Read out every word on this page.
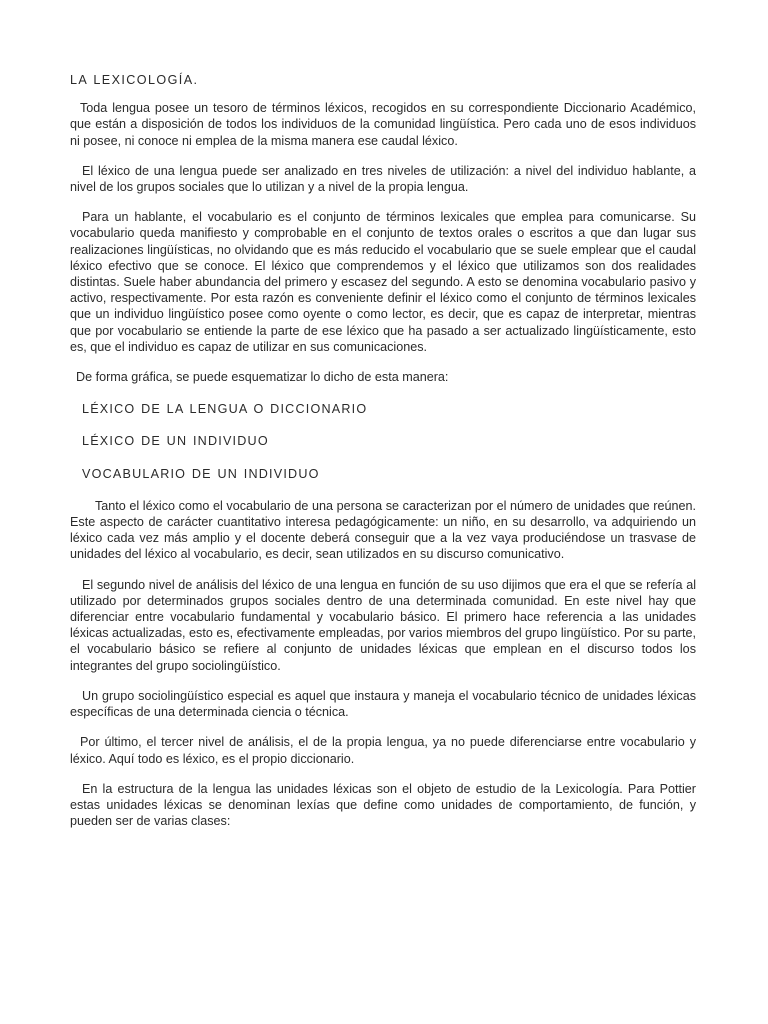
LA LEXICOLOGÍA.

Toda lengua posee un tesoro de términos léxicos, recogidos en su correspondiente Diccionario Académico, que están a disposición de todos los individuos de la comunidad lingüística. Pero cada uno de esos individuos ni posee, ni conoce ni emplea de la misma manera ese caudal léxico.

El léxico de una lengua puede ser analizado en tres niveles de utilización: a nivel del individuo hablante, a nivel de los grupos sociales que lo utilizan y a nivel de la propia lengua.

Para un hablante, el vocabulario es el conjunto de términos lexicales que emplea para comunicarse. Su vocabulario queda manifiesto y comprobable en el conjunto de textos orales o escritos a que dan lugar sus realizaciones lingüísticas, no olvidando que es más reducido el vocabulario que se suele emplear que el caudal léxico efectivo que se conoce. El léxico que comprendemos y el léxico que utilizamos son dos realidades distintas. Suele haber abundancia del primero y escasez del segundo. A esto se denomina vocabulario pasivo y activo, respectivamente. Por esta razón es conveniente definir el léxico como el conjunto de términos lexicales que un individuo lingüístico posee como oyente o como lector, es decir, que es capaz de interpretar, mientras que por vocabulario se entiende la parte de ese léxico que ha pasado a ser actualizado lingüísticamente, esto es, que el individuo es capaz de utilizar en sus comunicaciones.

De forma gráfica, se puede esquematizar lo dicho de esta manera:

LÉXICO DE LA LENGUA O DICCIONARIO
LÉXICO DE UN INDIVIDUO
VOCABULARIO DE UN INDIVIDUO

Tanto el léxico como el vocabulario de una persona se caracterizan por el número de unidades que reúnen. Este aspecto de carácter cuantitativo interesa pedagógicamente: un niño, en su desarrollo, va adquiriendo un léxico cada vez más amplio y el docente deberá conseguir que a la vez vaya produciéndose un trasvase de unidades del léxico al vocabulario, es decir, sean utilizados en su discurso comunicativo.

El segundo nivel de análisis del léxico de una lengua en función de su uso dijimos que era el que se refería al utilizado por determinados grupos sociales dentro de una determinada comunidad. En este nivel hay que diferenciar entre vocabulario fundamental y vocabulario básico. El primero hace referencia a las unidades léxicas actualizadas, esto es, efectivamente empleadas, por varios miembros del grupo lingüístico. Por su parte, el vocabulario básico se refiere al conjunto de unidades léxicas que emplean en el discurso todos los integrantes del grupo sociolingüístico.

Un grupo sociolingüístico especial es aquel que instaura y maneja el vocabulario técnico de unidades léxicas específicas de una determinada ciencia o técnica.

Por último, el tercer nivel de análisis, el de la propia lengua, ya no puede diferenciarse entre vocabulario y léxico. Aquí todo es léxico, es el propio diccionario.

En la estructura de la lengua las unidades léxicas son el objeto de estudio de la Lexicología. Para Pottier estas unidades léxicas se denominan lexías que define como unidades de comportamiento, de función, y pueden ser de varias clases:
